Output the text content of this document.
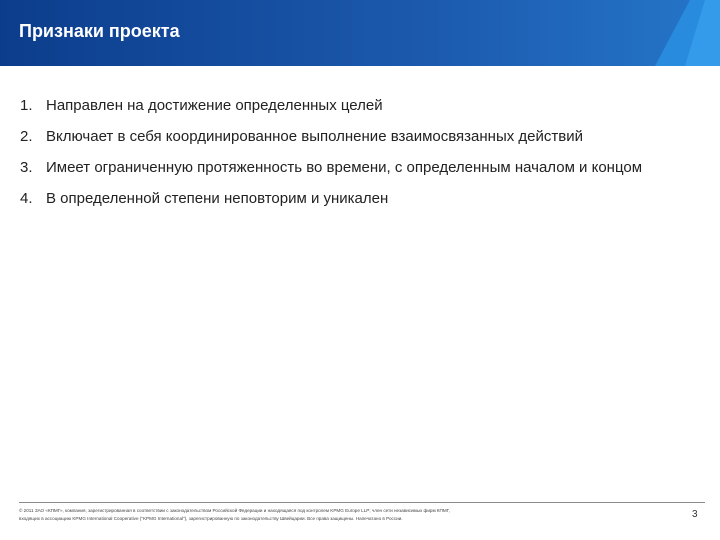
Признаки проекта
1. Направлен на достижение определенных целей
2. Включает в себя координированное выполнение взаимосвязанных действий
3. Имеет ограниченную протяженность во времени, с определенным началом и концом
4. В определенной степени неповторим и уникален
© 2011 ЗАО «КПМГ», компания, зарегистрированная в соответствии с законодательством Российской Федерации и находящаяся под контролем KPMG Europe LLP; член сети независимых фирм КПМГ, входящих в ассоциацию KPMG International Cooperative ("KPMG International"), зарегистрированную по законодательству Швейцарии. Все права защищены. Напечатано в России.	3
